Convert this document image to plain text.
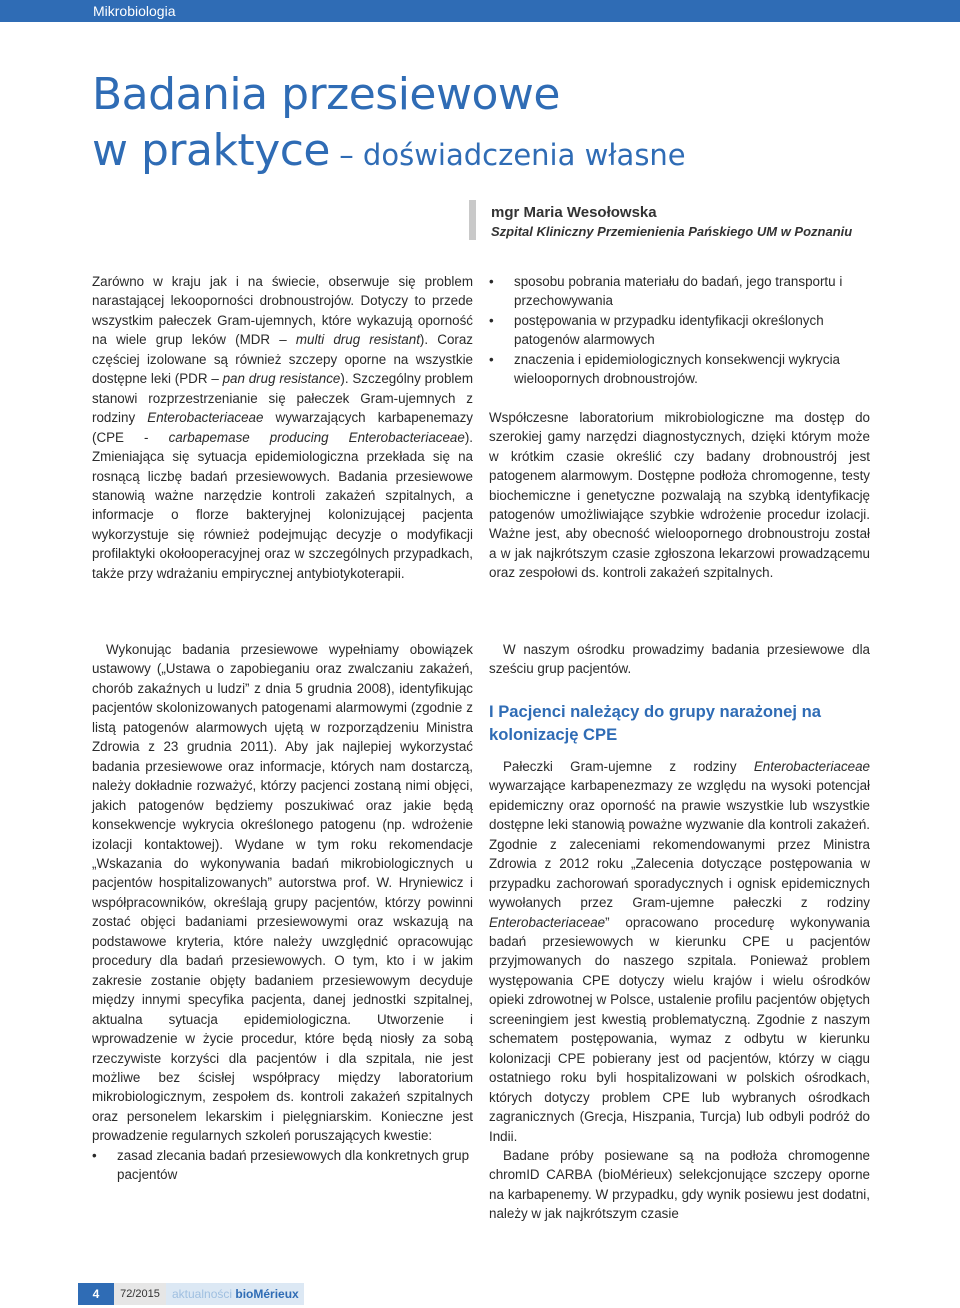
Mikrobiologia
Badania przesiewowe
w praktyce – doświadczenia własne
mgr Maria Wesołowska
Szpital Kliniczny Przemienienia Pańskiego UM w Poznaniu

Zarówno w kraju jak i na świecie, obserwuje się problem narastającej lekooporności drobnoustrojów. Dotyczy to przede wszystkim pałeczek Gram-ujemnych, które wykazują oporność na wiele grup leków (MDR – multi drug resistant). Coraz częściej izolowane są również szczepy oporne na wszystkie dostępne leki (PDR – pan drug resistance). Szczególny problem stanowi rozprzestrzenianie się pałeczek Gram-ujemnych z rodziny Enterobacteriaceae wywarzających karbapenemazy (CPE - carbapemase producing Enterobacteriaceae). Zmieniająca się sytuacja epidemiologiczna przekłada się na rosnącą liczbę badań przesiewowych. Badania przesiewowe stanowią ważne narzędzie kontroli zakażeń szpitalnych, a informacje o florze bakteryjnej kolonizującej pacjenta wykorzystuje się również podejmując decyzje o modyfikacji profilaktyki okołooperacyjnej oraz w szczególnych przypadkach, także przy wdrażaniu empirycznej antybiotykoterapii.

Wykonując badania przesiewowe wypełniamy obowiązek ustawowy („Ustawa o zapobieganiu oraz zwalczaniu zakażeń, chorób zakaźnych u ludzi” z dnia 5 grudnia 2008), identyfikując pacjentów skolonizowanych patogenami alarmowymi (zgodnie z listą patogenów alarmowych ujętą w rozporządzeniu Ministra Zdrowia z 23 grudnia 2011). Aby jak najlepiej wykorzystać badania przesiewowe oraz informacje, których nam dostarczą, należy dokładnie rozważyć, którzy pacjenci zostaną nimi objęci, jakich patogenów będziemy poszukiwać oraz jakie będą konsekwencje wykrycia określonego patogenu (np. wdrożenie izolacji kontaktowej). Wydane w tym roku rekomendacje „Wskazania do wykonywania badań mikrobiologicznych u pacjentów hospitalizowanych” autorstwa prof. W. Hryniewicz i współpracowników, określają grupy pacjentów, którzy powinni zostać objęci badaniami przesiewowymi oraz wskazują na podstawowe kryteria, które należy uwzględnić opracowując procedury dla badań przesiewowych. O tym, kto i w jakim zakresie zostanie objęty badaniem przesiewowym decyduje między innymi specyfika pacjenta, danej jednostki szpitalnej, aktualna sytuacja epidemiologiczna. Utworzenie i wprowadzenie w życie procedur, które będą niosły za sobą rzeczywiste korzyści dla pacjentów i dla szpitala, nie jest możliwe bez ścisłej współpracy między laboratorium mikrobiologicznym, zespołem ds. kontroli zakażeń szpitalnych oraz personelem lekarskim i pielęgniarskim. Konieczne jest prowadzenie regularnych szkoleń poruszających kwestie:

• zasad zlecania badań przesiewowych dla konkretnych grup pacjentów
• sposobu pobrania materiału do badań, jego transportu i przechowywania
• postępowania w przypadku identyfikacji określonych patogenów alarmowych
• znaczenia i epidemiologicznych konsekwencji wykrycia wieloopornych drobnoustrojów.

Współczesne laboratorium mikrobiologiczne ma dostęp do szerokiej gamy narzędzi diagnostycznych, dzięki którym może w krótkim czasie określić czy badany drobnoustrój jest patogenem alarmowym. Dostępne podłoża chromogenne, testy biochemiczne i genetyczne pozwalają na szybką identyfikację patogenów umożliwiające szybkie wdrożenie procedur izolacji. Ważne jest, aby obecność wieloopornego drobnoustroju został a w jak najkrótszym czasie zgłoszona lekarzowi prowadzącemu oraz zespołowi ds. kontroli zakażeń szpitalnych.

W naszym ośrodku prowadzimy badania przesiewowe dla sześciu grup pacjentów.

I Pacjenci należący do grupy narażonej na kolonizację CPE

Pałeczki Gram-ujemne z rodziny Enterobacteriaceae wywarzające karbapenezmazy ze względu na wysoki potencjał epidemiczny oraz oporność na prawie wszystkie lub wszystkie dostępne leki stanowią poważne wyzwanie dla kontroli zakażeń. Zgodnie z zaleceniami rekomendowanymi przez Ministra Zdrowia z 2012 roku „Zalecenia dotyczące postępowania w przypadku zachorowań sporadycznych i ognisk epidemicznych wywołanych przez Gram-ujemne pałeczki z rodziny Enterobacteriaceae” opracowano procedurę wykonywania badań przesiewowych w kierunku CPE u pacjentów przyjmowanych do naszego szpitala. Ponieważ problem występowania CPE dotyczy wielu krajów i wielu ośrodków opieki zdrowotnej w Polsce, ustalenie profilu pacjentów objętych screeningiem jest kwestią problematyczną. Zgodnie z naszym schematem postępowania, wymaz z odbytu w kierunku kolonizacji CPE pobierany jest od pacjentów, którzy w ciągu ostatniego roku byli hospitalizowani w polskich ośrodkach, których dotyczy problem CPE lub wybranych ośrodkach zagranicznych (Grecja, Hiszpania, Turcja) lub odbyli podróż do Indii.

Badane próby posiewane są na podłoża chromogenne chromID CARBA (bioMérieux) selekcjonujące szczepy oporne na karbapenemy. W przypadku, gdy wynik posiewu jest dodatni, należy w jak najkrótszym czasie

4	72/2015	aktualności bioMérieux
